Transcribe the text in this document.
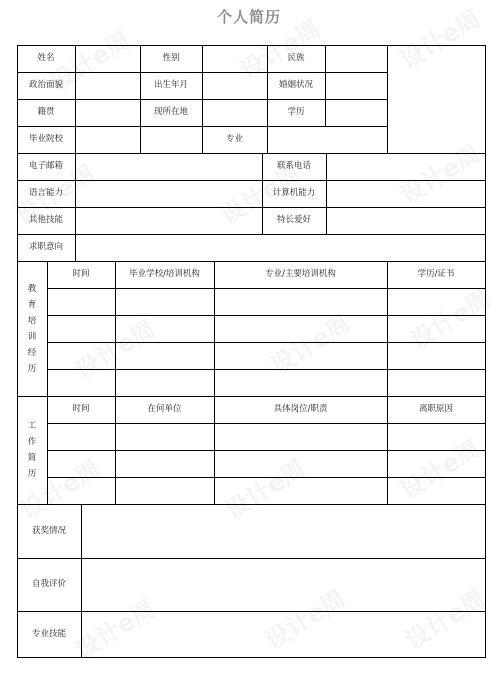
个人简历
姓名	性别	民族
政治面貌	出生年月	婚姻状况
籍贯	现所在地	学历
毕业院校	专业
电子邮箱	联系电话
语言能力	计算机能力
其他技能	特长爱好
求职意向
教育培训经历
时间	毕业学校/培训机构	专业/主要培训机构	学历/证书
工作简历
时间	在何单位	具体岗位/职责	离职原因
获奖情况
自我评价
专业技能
